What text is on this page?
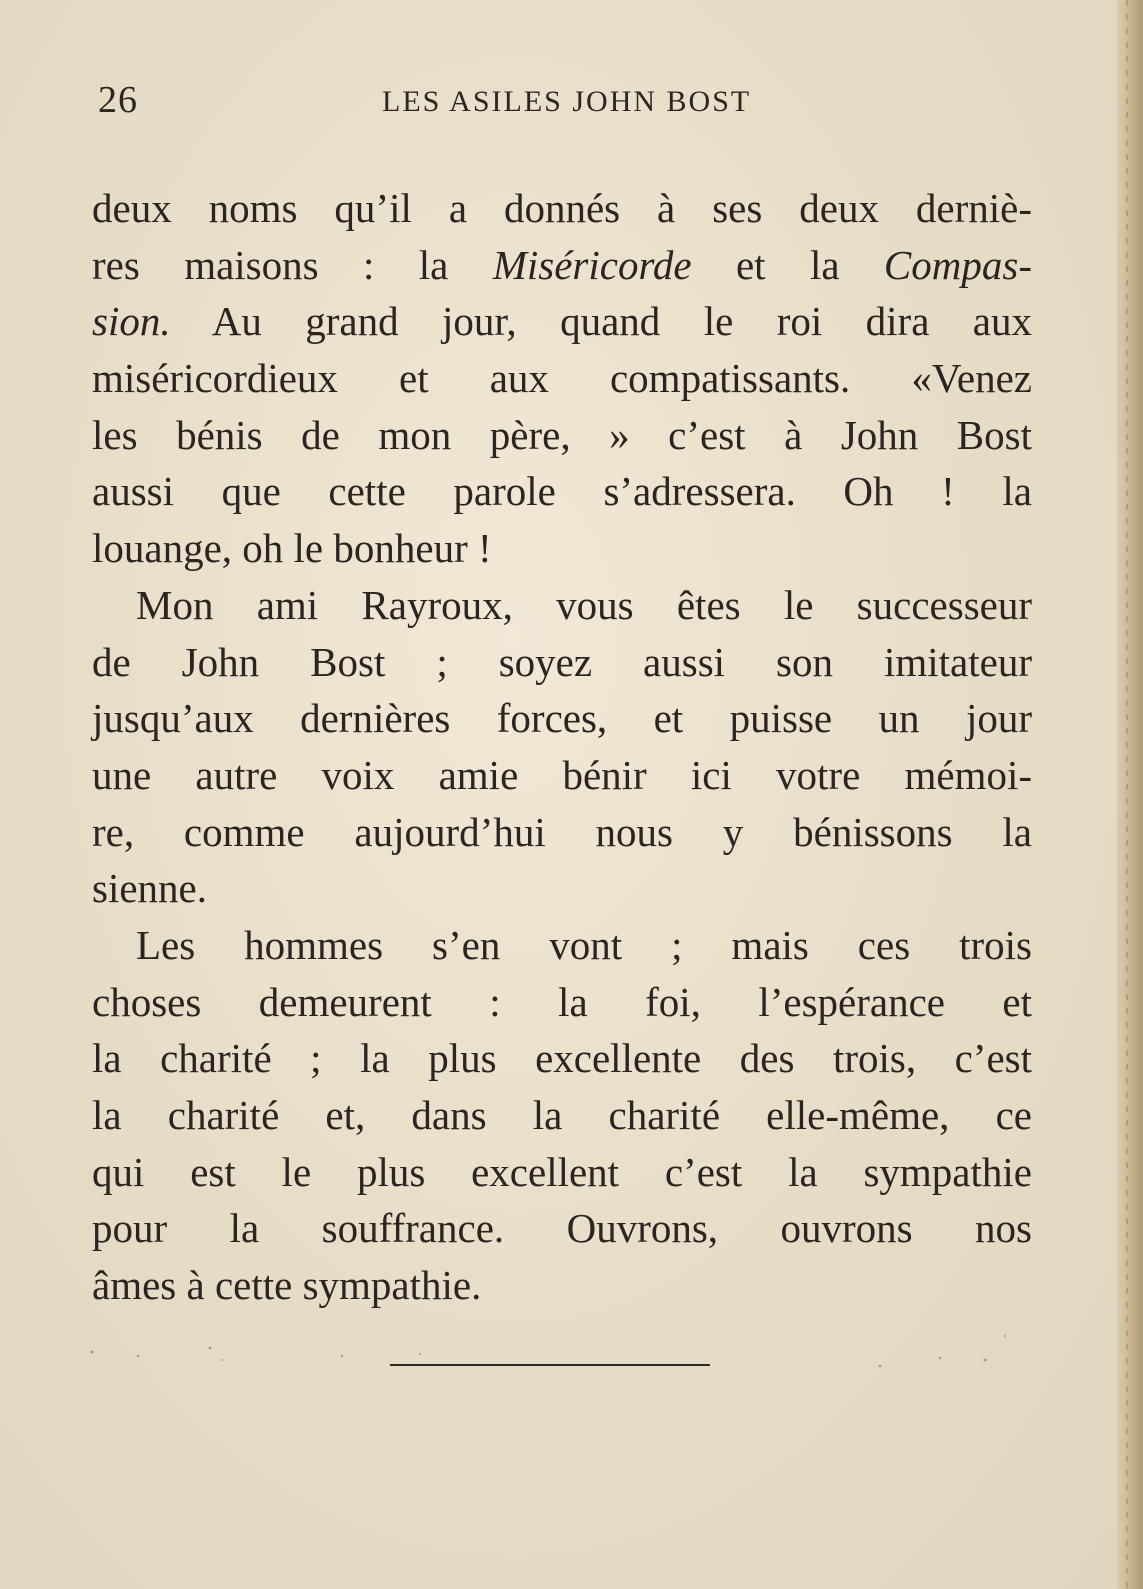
26	LES ASILES JOHN BOST
deux noms qu’il a donnés à ses deux derniè-
res maisons : la Miséricorde et la Compas-
sion. Au grand jour, quand le roi dira aux
miséricordieux et aux compatissants. «Venez
les bénis de mon père, » c’est à John Bost
aussi que cette parole s’adressera. Oh ! la
louange, oh le bonheur !
Mon ami Rayroux, vous êtes le successeur
de John Bost ; soyez aussi son imitateur
jusqu’aux dernières forces, et puisse un jour
une autre voix amie bénir ici votre mémoi-
re, comme aujourd’hui nous y bénissons la
sienne.
Les hommes s’en vont ; mais ces trois
choses demeurent : la foi, l’espérance et
la charité ; la plus excellente des trois, c’est
la charité et, dans la charité elle-même, ce
qui est le plus excellent c’est la sympathie
pour la souffrance. Ouvrons, ouvrons nos
âmes à cette sympathie.
